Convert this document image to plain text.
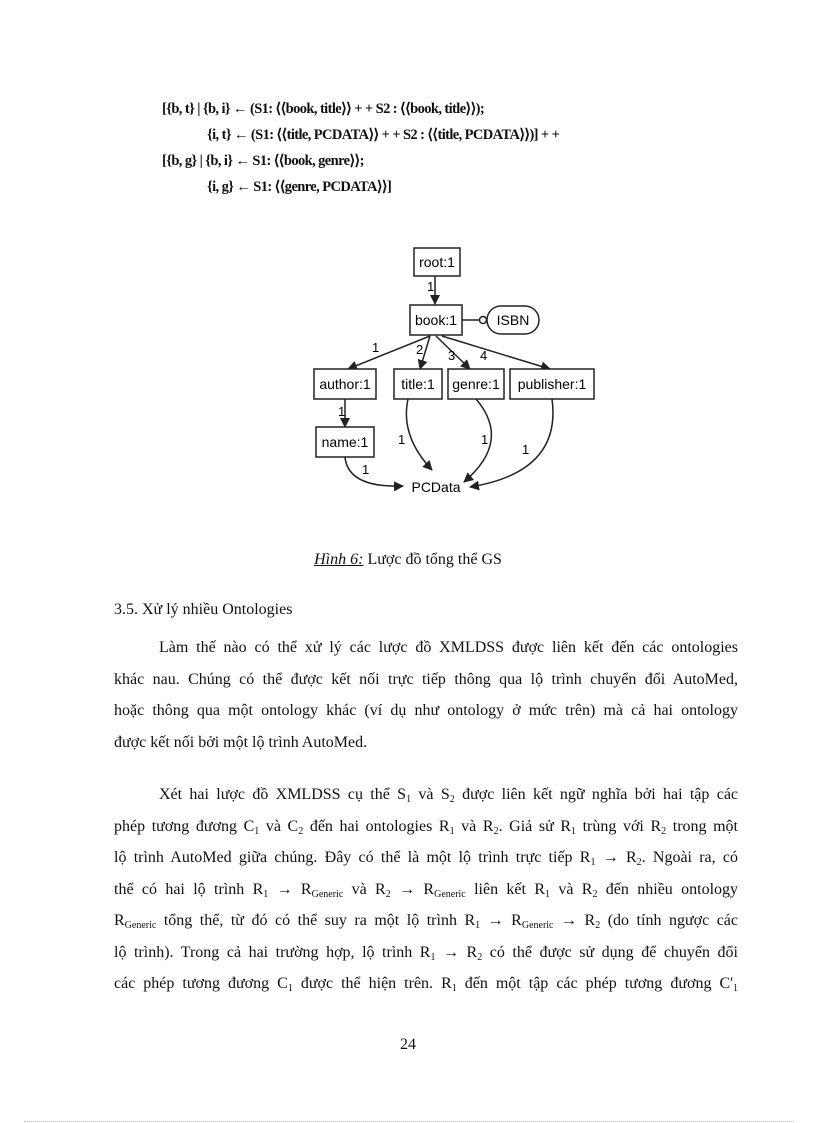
[{b, t} | {b, i} ← (S1: ⟨⟨book, title⟩⟩ + + S2 : ⟨⟨book, title⟩⟩);
{i, t} ← (S1: ⟨⟨title, PCDATA⟩⟩ + + S2 : ⟨⟨title, PCDATA⟩⟩)] + +
[{b, g} | {b, i} ← S1: ⟨⟨book, genre⟩⟩;
{i, g} ← S1: ⟨⟨genre, PCDATA⟩⟩]
root:1
1
book:1	ISBN
1	2 3 4
author:1 title:1 genre:1 publisher:1
1
name:1
PCData
1
1	1
1
Hình 6: Lược đồ tổng thể GS
3.5. Xử lý nhiều Ontologies
Làm thế nào có thể xử lý các lược đồ XMLDSS được liên kết đến các ontologies
khác nau. Chúng có thể được kết nối trực tiếp thông qua lộ trình chuyển đổi AutoMed,
hoặc thông qua một ontology khác (ví dụ như ontology ở mức trên) mà cả hai ontology
được kết nối bởi một lộ trình AutoMed.
Xét hai lược đồ XMLDSS cụ thể $S_1$ và $S_2$ được liên kết ngữ nghĩa bởi hai tập các
phép tương đương $C_1$ và $C_2$ đến hai ontologies $R_1$ và $R_2$. Giả sử $R_1$ trùng với $R_2$ trong một
lộ trình AutoMed giữa chúng. Đây có thể là một lộ trình trực tiếp $R_1 \to R_2$. Ngoài ra, có
thể có hai lộ trình $R_1 \to R_{Generic}$ và $R_2 \to R_{Generic}$ liên kết $R_1$ và $R_2$ đến nhiều ontology
$R_{Generic}$ tổng thể, từ đó có thể suy ra một lộ trình $R_1 \to R_{Generic} \to R_2$ (do tính ngược các
lộ trình). Trong cả hai trường hợp, lộ trình $R_1 \to R_2$ có thể được sử dụng để chuyển đổi
các phép tương đương $C_1$ được thể hiện trên. $R_1$ đến một tập các phép tương đương $C'_1$
24
